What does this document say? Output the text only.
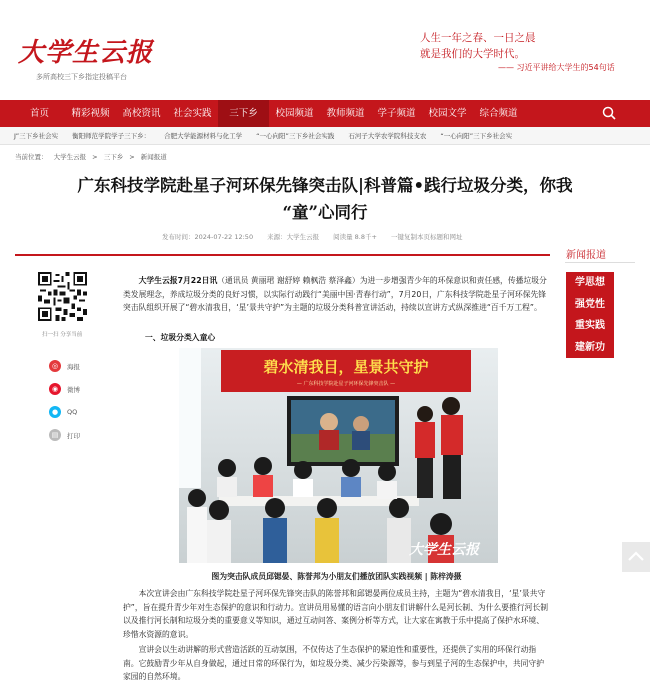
大学生云报
多所高校三下乡指定投稿平台
人生一年之春、一日之晨
就是我们的大学时代。
—— 习近平讲给大学生的54句话
首页	精彩视频	高校资讯	社会实践	三下乡	校园频道	教师频道	学子频道	校园文学	综合频道
J”三下乡社会实 衡阳师范学院学子三下乡： 合肥大学能源材料与化工学 “一心向阳”三下乡社会实践 石河子大学农学院科技支农 “一心向阳”三下乡社会实
当前位置： 大学生云报 > 三下乡 > 新闻报道
广东科技学院赴星子河环保先锋突击队|科普篇•践行垃圾分类，你我
“童”心同行
发布时间：2024-07-22 12:50 来源：大学生云报 阅读量 8.8千+ 一键复制本页标题和网址
新闻报道
学思想
强党性
重实践
建新功
扫一扫 分享当前
◎	海报
◉	微博
●	QQ
▤	打印
大学生云报7月22日讯（通讯员 黄丽珺 谢舒婷 赖枫浩 蔡泽鑫）为进一步增强青少年的环保意识和责任感，传播垃圾分类发展理念，养成垃圾分类的良好习惯，以实际行动践行“美丽中国·青春行动”，7月20日，广东科技学院赴星子河环保先锋突击队组织开展了“碧水清我目，‘星’景共守护”为主题的垃圾分类科普宣讲活动，持续以宣讲方式纵深推进“百千万工程”。
一、垃圾分类入童心
碧水清我目，星景共守护
— 广东科技学院赴星子河环保先锋突击队 —
大学生云报
图为突击队成员邱锶晏、陈誉邦为小朋友们播放团队实践视频 | 陈梓涛摄
本次宣讲会由广东科技学院赴星子河环保先锋突击队的陈誉邦和邱锶晏两位成员主持，主题为“碧水清我目，‘星’景共守护”，旨在提升青少年对生态保护的意识和行动力。宣讲员用易懂的语言向小朋友们讲解什么是河长制、为什么要推行河长制以及推行河长制和垃圾分类的重要意义等知识，通过互动问答、案例分析等方式，让大家在寓教于乐中提高了保护水环境、珍惜水资源的意识。
宣讲会以生动讲解的形式营造活跃的互动氛围，不仅传达了生态保护的紧迫性和重要性，还提供了实用的环保行动指南。它鼓励青少年从自身做起，通过日常的环保行为，如垃圾分类、减少污染源等，参与到星子河的生态保护中，共同守护家园的自然环境。
